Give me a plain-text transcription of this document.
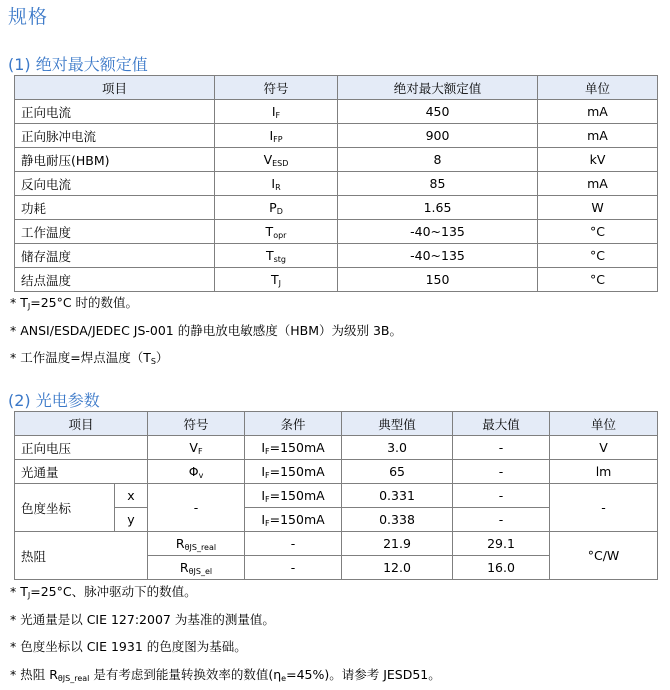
规格
(1) 绝对最大额定值
项目	符号	绝对最大额定值	单位
正向电流	$I_F$	450	mA
正向脉冲电流	$I_{FP}$	900	mA
静电耐压(HBM)	$V_{ESD}$	8	kV
反向电流	$I_R$	85	mA
功耗	$P_D$	1.65	W
工作温度	$T_{opr}$	-40~135	°C
储存温度	$T_{stg}$	-40~135	°C
结点温度	$T_J$	150	°C
* $T_J=25^\circ C$ 时的数值。
* ANSI/ESDA/JEDEC JS-001 的静电放电敏感度（HBM）为级别 3B。
* 工作温度=焊点温度$(T_S)$
(2) 光电参数
项目		符号	条件	典型值	最大值	单位
正向电压		$V_F$	$I_F=150mA$	3.0	-	V
光通量		$\Phi_v$	$I_F=150mA$	65	-	lm
色度坐标	x	-	$I_F=150mA$	0.331	-	-
	y		$I_F=150mA$	0.338	-	
热阻		$R_{\theta JS\_real}$	-	21.9	29.1	°C/W
		$R_{\theta JS\_el}$	-	12.0	16.0	
* $T_J=25^\circ C$、脉冲驱动下的数值。
* 光通量是以 CIE 127:2007 为基准的测量值。
* 色度坐标以 CIE 1931 的色度图为基础。
* 热阻 $R_{\theta JS\_real}$ 是有考虑到能量转换效率的数值$(\eta_e=45\%)$。请参考 JESD51。
